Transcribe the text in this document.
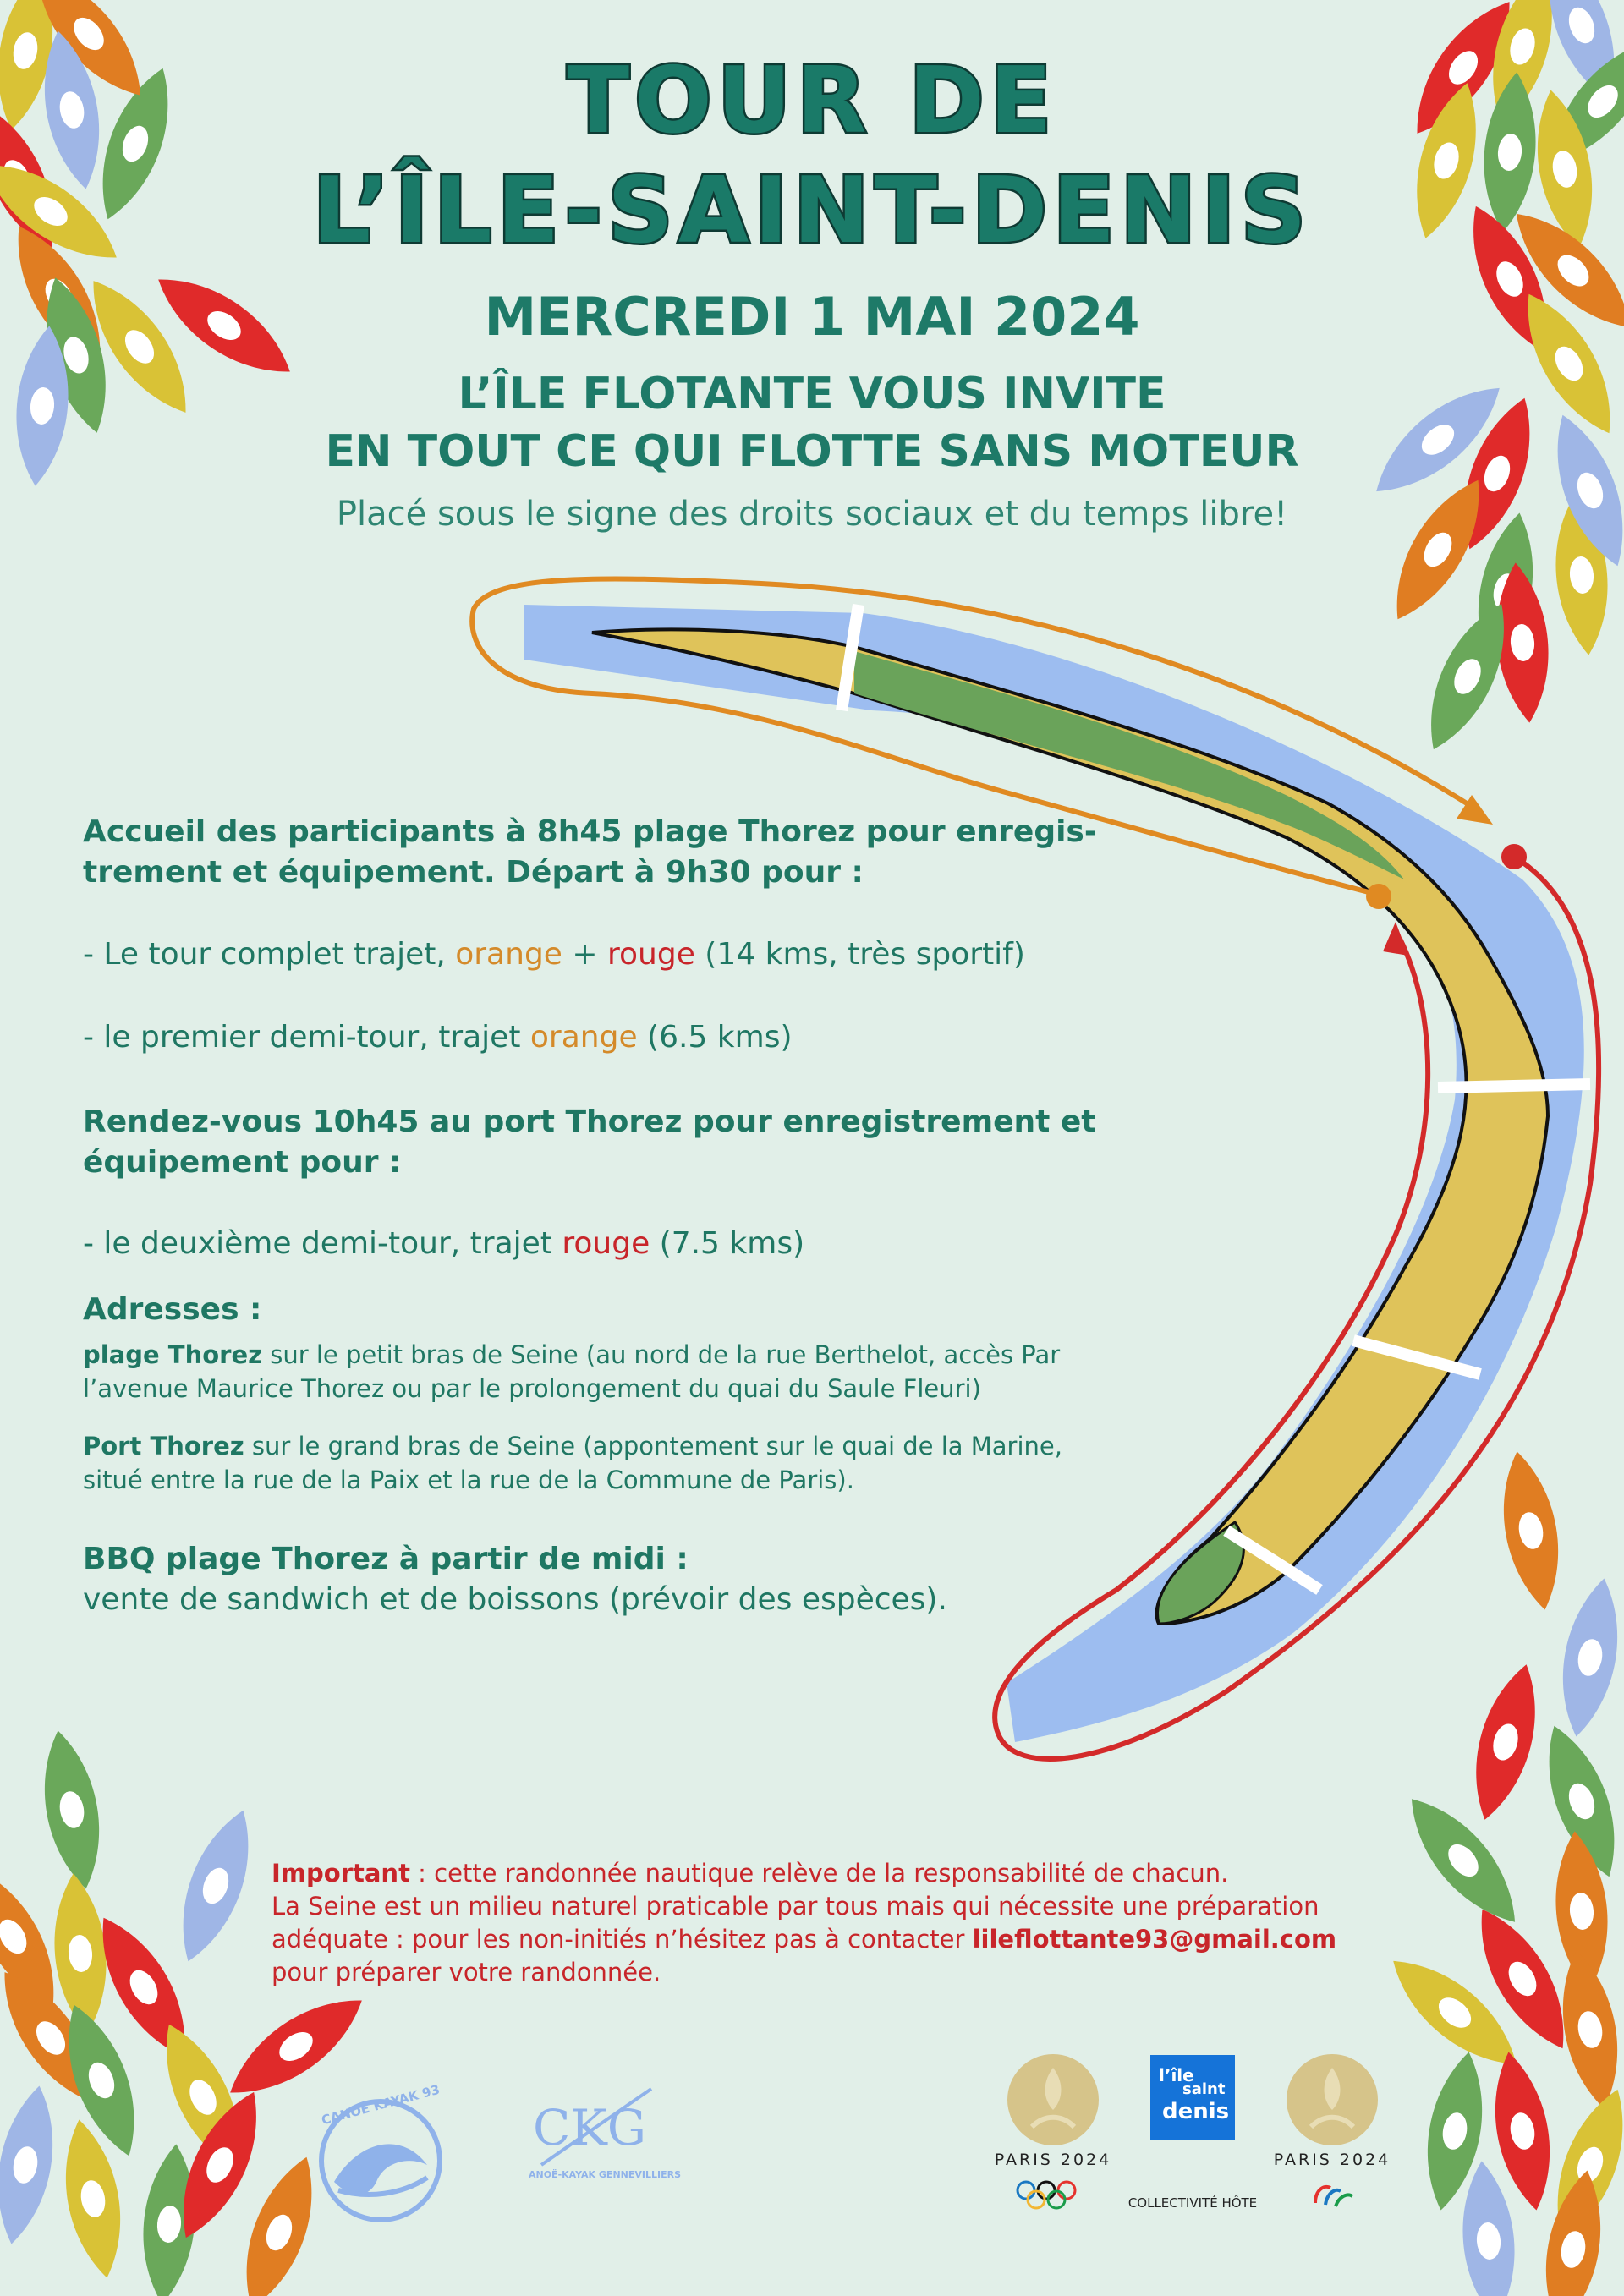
TOUR DE
L’ÎLE-SAINT-DENIS
MERCREDI 1 MAI 2024
L’ÎLE FLOTANTE VOUS INVITE
EN TOUT CE QUI FLOTTE SANS MOTEUR
Placé sous le signe des droits sociaux et du temps libre!
Accueil des participants à 8h45 plage Thorez pour enregis-
trement et équipement. Départ à 9h30 pour :
- Le tour complet trajet, orange + rouge (14 kms, très sportif)
- le premier demi-tour, trajet orange (6.5 kms)
Rendez-vous 10h45 au port Thorez pour enregistrement et
équipement pour :
- le deuxième demi-tour, trajet rouge (7.5 kms)
Adresses :
plage Thorez sur le petit bras de Seine (au nord de la rue Berthelot, accès Par
l’avenue Maurice Thorez ou par le prolongement du quai du Saule Fleuri)
Port Thorez sur le grand bras de Seine (appontement sur le quai de la Marine,
situé entre la rue de la Paix et la rue de la Commune de Paris).
BBQ plage Thorez à partir de midi :
vente de sandwich et de boissons (prévoir des espèces).
Important : cette randonnée nautique relève de la responsabilité de chacun.
La Seine est un milieu naturel praticable par tous mais qui nécessite une préparation
adéquate : pour les non-initiés n’hésitez pas à contacter lileflottante93@gmail.com
pour préparer votre randonnée.
CANOE KAYAK 93 CKG
ANOË-KAYAK GENNEVILLIERS
PARIS 2024
l’île
saint
denis
COLLECTIVITÉ HÔTE
PARIS 2024
